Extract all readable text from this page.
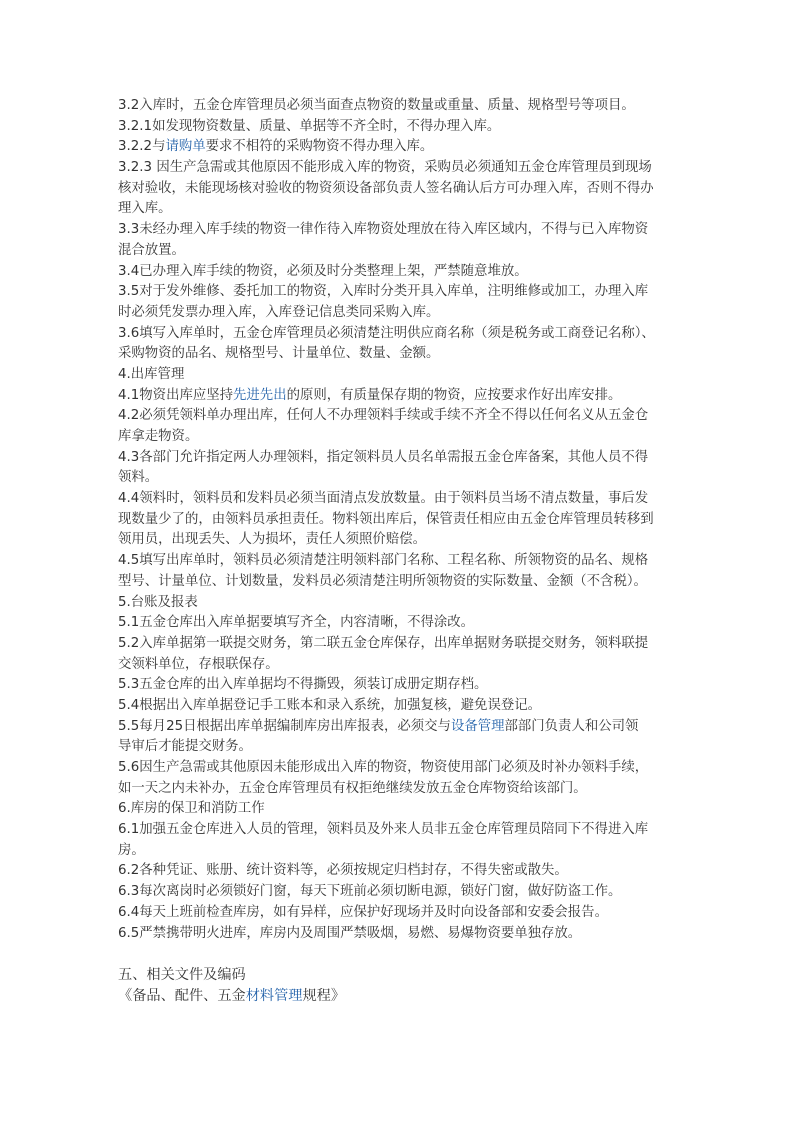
3.2入库时，五金仓库管理员必须当面查点物资的数量或重量、质量、规格型号等项目。
3.2.1如发现物资数量、质量、单据等不齐全时，不得办理入库。
3.2.2与请购单要求不相符的采购物资不得办理入库。
3.2.3 因生产急需或其他原因不能形成入库的物资，采购员必须通知五金仓库管理员到现场
核对验收，未能现场核对验收的物资须设备部负责人签名确认后方可办理入库，否则不得办
理入库。
3.3未经办理入库手续的物资一律作待入库物资处理放在待入库区域内，不得与已入库物资
混合放置。
3.4已办理入库手续的物资，必须及时分类整理上架，严禁随意堆放。
3.5对于发外维修、委托加工的物资，入库时分类开具入库单，注明维修或加工，办理入库
时必须凭发票办理入库，入库登记信息类同采购入库。
3.6填写入库单时，五金仓库管理员必须清楚注明供应商名称（须是税务或工商登记名称）、
采购物资的品名、规格型号、计量单位、数量、金额。
4.出库管理
4.1物资出库应坚持先进先出的原则，有质量保存期的物资，应按要求作好出库安排。
4.2必须凭领料单办理出库，任何人不办理领料手续或手续不齐全不得以任何名义从五金仓
库拿走物资。
4.3各部门允许指定两人办理领料，指定领料员人员名单需报五金仓库备案，其他人员不得
领料。
4.4领料时，领料员和发料员必须当面清点发放数量。由于领料员当场不清点数量，事后发
现数量少了的，由领料员承担责任。物料领出库后，保管责任相应由五金仓库管理员转移到
领用员，出现丢失、人为损坏，责任人须照价赔偿。
4.5填写出库单时，领料员必须清楚注明领料部门名称、工程名称、所领物资的品名、规格
型号、计量单位、计划数量，发料员必须清楚注明所领物资的实际数量、金额（不含税）。
5.台账及报表
5.1五金仓库出入库单据要填写齐全，内容清晰，不得涂改。
5.2入库单据第一联提交财务，第二联五金仓库保存，出库单据财务联提交财务，领料联提
交领料单位，存根联保存。
5.3五金仓库的出入库单据均不得撕毁，须装订成册定期存档。
5.4根据出入库单据登记手工账本和录入系统，加强复核，避免误登记。
5.5每月25日根据出库单据编制库房出库报表，必须交与设备管理部部门负责人和公司领
导审后才能提交财务。
5.6因生产急需或其他原因未能形成出入库的物资，物资使用部门必须及时补办领料手续，
如一天之内未补办，五金仓库管理员有权拒绝继续发放五金仓库物资给该部门。
6.库房的保卫和消防工作
6.1加强五金仓库进入人员的管理，领料员及外来人员非五金仓库管理员陪同下不得进入库
房。
6.2各种凭证、账册、统计资料等，必须按规定归档封存，不得失密或散失。
6.3每次离岗时必须锁好门窗，每天下班前必须切断电源，锁好门窗，做好防盗工作。
6.4每天上班前检查库房，如有异样，应保护好现场并及时向设备部和安委会报告。
6.5严禁携带明火进库，库房内及周围严禁吸烟，易燃、易爆物资要单独存放。
五、相关文件及编码
《备品、配件、五金材料管理规程》
